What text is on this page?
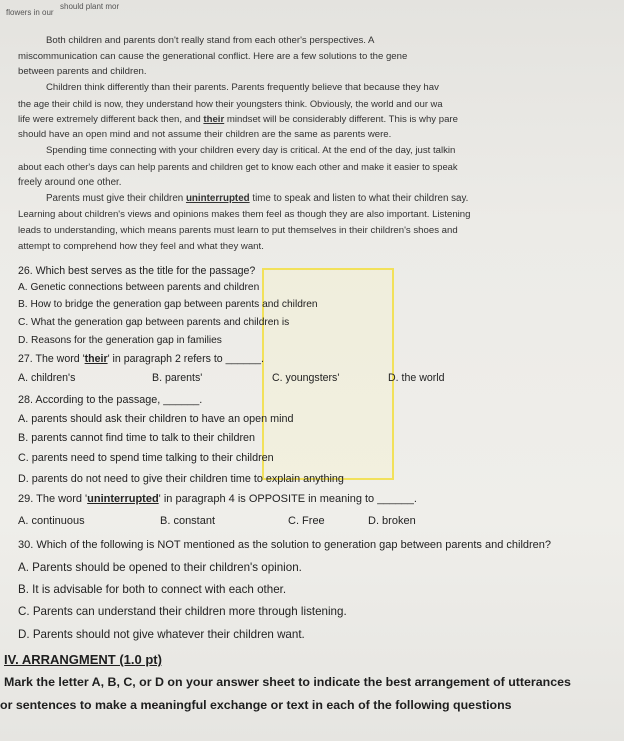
should plant mor
flowers in our
Both children and parents don't really stand from each other's perspectives. A
miscommunication can cause the generational conflict. Here are a few solutions to the gene
between parents and children.
Children think differently than their parents. Parents frequently believe that because they hav
the age their child is now, they understand how their youngsters think. Obviously, the world and our wa
life were extremely different back then, and their mindset will be considerably different. This is why pare
should have an open mind and not assume their children are the same as parents were.
Spending time connecting with your children every day is critical. At the end of the day, just talkin
about each other's days can help parents and children get to know each other and make it easier to speak
freely around one other.
Parents must give their children uninterrupted time to speak and listen to what their children say.
Learning about children's views and opinions makes them feel as though they are also important. Listening
leads to understanding, which means parents must learn to put themselves in their children's shoes and
attempt to comprehend how they feel and what they want.
26. Which best serves as the title for the passage?
A. Genetic connections between parents and children
B. How to bridge the generation gap between parents and children
C. What the generation gap between parents and children is
D. Reasons for the generation gap in families
27. The word 'their' in paragraph 2 refers to ______.
A. children's	B. parents'	C. youngsters'	D. the world
28. According to the passage, ______.
A. parents should ask their children to have an open mind
B. parents cannot find time to talk to their children
C. parents need to spend time talking to their children
D. parents do not need to give their children time to explain anything
29. The word 'uninterrupted' in paragraph 4 is OPPOSITE in meaning to ______.
A. continuous	B. constant	C. Free	D. broken
30. Which of the following is NOT mentioned as the solution to generation gap between parents and children?
A. Parents should be opened to their children's opinion.
B. It is advisable for both to connect with each other.
C. Parents can understand their children more through listening.
D. Parents should not give whatever their children want.
IV. ARRANGMENT (1.0 pt)
Mark the letter A, B, C, or D on your answer sheet to indicate the best arrangement of utterances
or sentences to make a meaningful exchange or text in each of the following questions
